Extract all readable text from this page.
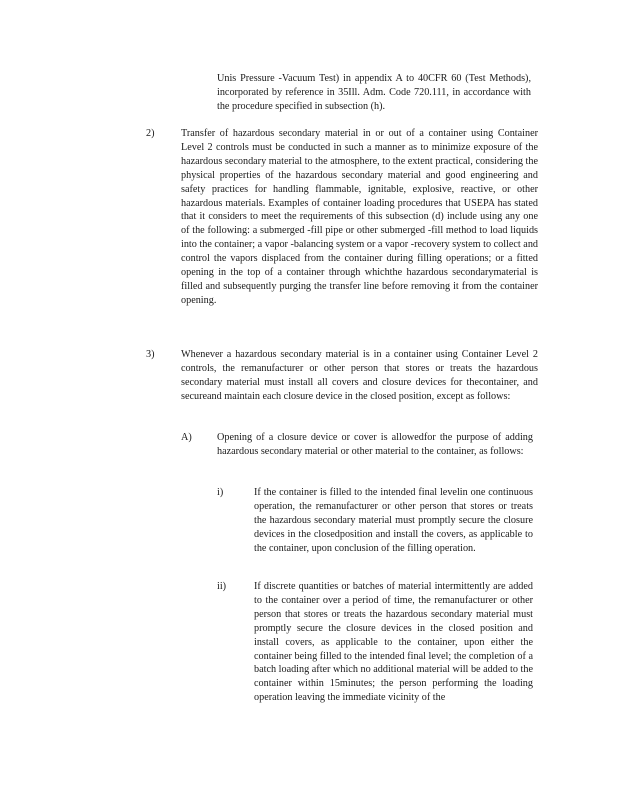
Unis Pressure -Vacuum Test) in appendix A to 40CFR 60 (Test Methods), incorporated by reference in 35Ill. Adm. Code 720.111, in accordance with the procedure specified in subsection (h).

2)	Transfer of hazardous secondary material in or out of a container using Container Level 2 controls must be conducted in such a manner as to minimize exposure of the hazardous secondary material to the atmosphere, to the extent practical, considering the physical properties of the hazardous secondary material and good engineering and safety practices for handling flammable, ignitable, explosive, reactive, or other hazardous materials. Examples of container loading procedures that USEPA has stated that it considers to meet the requirements of this subsection (d) include using any one of the following: a submerged -fill pipe or other submerged -fill method to load liquids into the container; a vapor -balancing system or a vapor -recovery system to collect and control the vapors displaced from the container during filling operations; or a fitted opening in the top of a container through whichthe hazardous secondarymaterial is filled and subsequently purging the transfer line before removing it from the container opening.

3)	Whenever a hazardous secondary material is in a container using Container Level 2 controls, the remanufacturer or other person that stores or treats the hazardous secondary material must install all covers and closure devices for thecontainer, and secureand maintain each closure device in the closed position, except as follows:

A) Opening of a closure device or cover is allowedfor the purpose of adding hazardous secondary material or other material to the container, as follows:

i)	If the container is filled to the intended final levelin one continuous operation, the remanufacturer or other person that stores or treats the hazardous secondary material must promptly secure the closure devices in the closedposition and install the covers, as applicable to the container, upon conclusion of the filling operation.

ii)	If discrete quantities or batches of material intermittently are added to the container over a period of time, the remanufacturer or other person that stores or treats the hazardous secondary material must promptly secure the closure devices in the closed position and install covers, as applicable to the container, upon either the container being filled to the intended final level; the completion of a batch loading after which no additional material will be added to the container within 15minutes; the person performing the loading operation leaving the immediate vicinity of the
